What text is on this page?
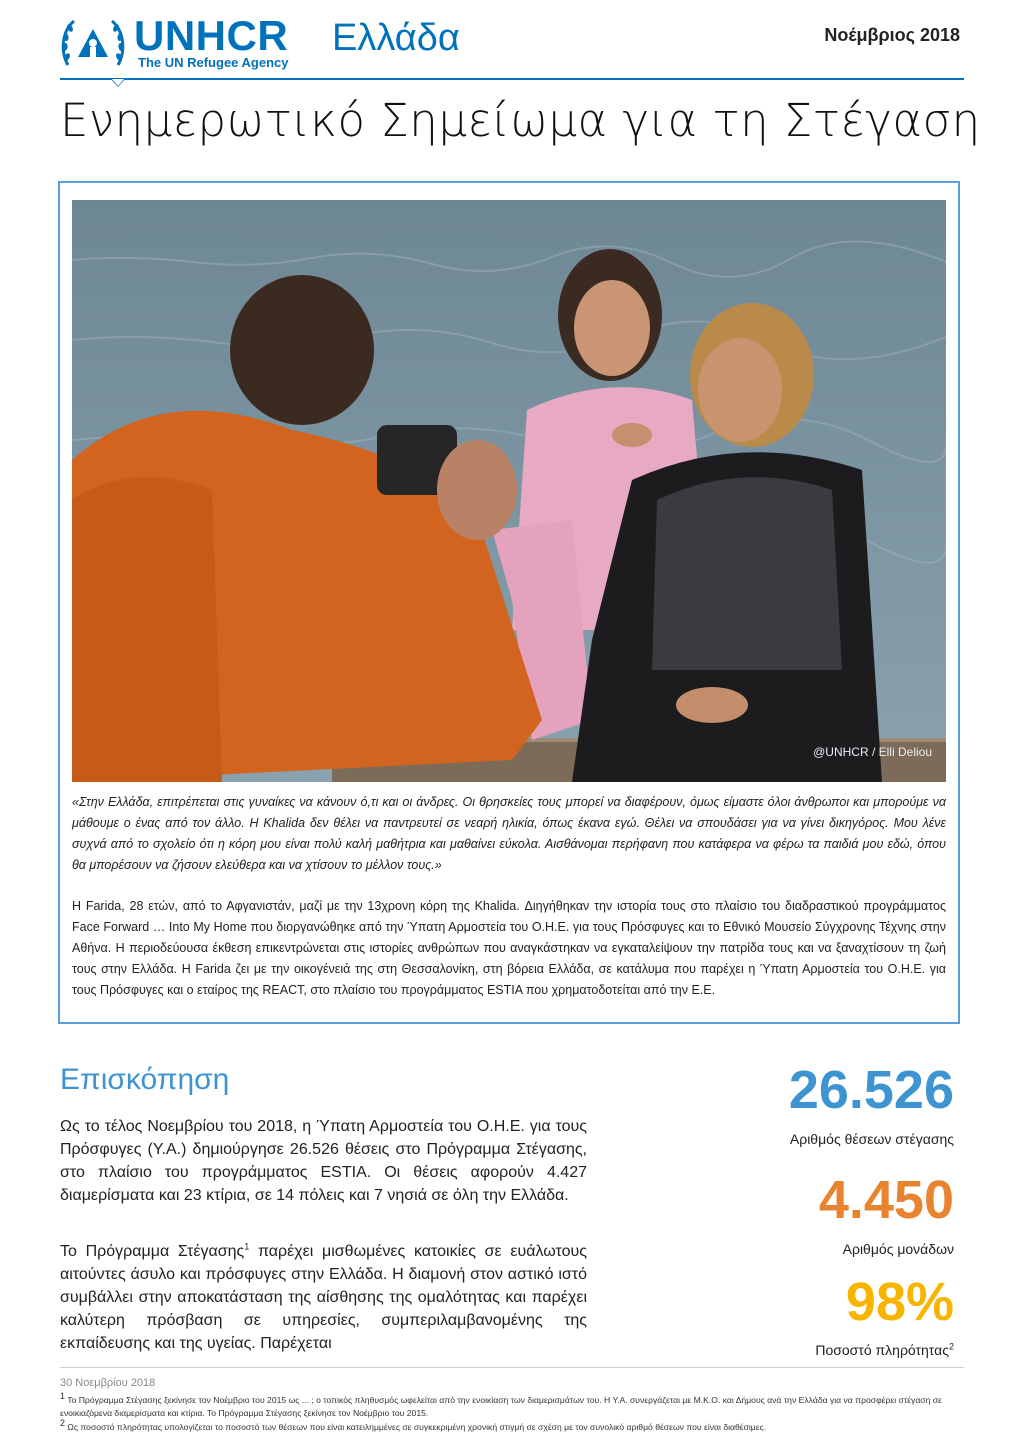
UNHCR
The UN Refugee Agency
Ελλάδα	Νοέμβριος 2018
Ενημερωτικό Σημείωμα για τη Στέγαση
@UNHCR / Elli Deliou
«Στην Ελλάδα, επιτρέπεται στις γυναίκες να κάνουν ό,τι και οι άνδρες. Οι θρησκείες τους μπορεί να διαφέρουν, όμως είμαστε όλοι άνθρωποι και μπορούμε να μάθουμε ο ένας από τον άλλο. Η Khalida δεν θέλει να παντρευτεί σε νεαρή ηλικία, όπως έκανα εγώ. Θέλει να σπουδάσει για να γίνει δικηγόρος. Μου λένε συχνά από το σχολείο ότι η κόρη μου είναι πολύ καλή μαθήτρια και μαθαίνει εύκολα. Αισθάνομαι περήφανη που κατάφερα να φέρω τα παιδιά μου εδώ, όπου θα μπορέσουν να ζήσουν ελεύθερα και να χτίσουν το μέλλον τους.»
Η Farida, 28 ετών, από το Αφγανιστάν, μαζί με την 13χρονη κόρη της Khalida. Διηγήθηκαν την ιστορία τους στο πλαίσιο του διαδραστικού προγράμματος Face Forward … Into My Home που διοργανώθηκε από την Ύπατη Αρμοστεία του Ο.Η.Ε. για τους Πρόσφυγες και το Εθνικό Μουσείο Σύγχρονης Τέχνης στην Αθήνα. Η περιοδεύουσα έκθεση επικεντρώνεται στις ιστορίες ανθρώπων που αναγκάστηκαν να εγκαταλείψουν την πατρίδα τους και να ξαναχτίσουν τη ζωή τους στην Ελλάδα. Η Farida ζει με την οικογένειά της στη Θεσσαλονίκη, στη βόρεια Ελλάδα, σε κατάλυμα που παρέχει η Ύπατη Αρμοστεία του Ο.Η.Ε. για τους Πρόσφυγες και ο εταίρος της REACT, στο πλαίσιο του προγράμματος ESTIA που χρηματοδοτείται από την Ε.Ε.
Επισκόπηση
Ως το τέλος Νοεμβρίου του 2018, η Ύπατη Αρμοστεία του Ο.Η.Ε. για τους Πρόσφυγες (Υ.Α.) δημιούργησε 26.526 θέσεις στο Πρόγραμμα Στέγασης, στο πλαίσιο του προγράμματος ESTIA. Οι θέσεις αφορούν 4.427 διαμερίσματα και 23 κτίρια, σε 14 πόλεις και 7 νησιά σε όλη την Ελλάδα.
Το Πρόγραμμα Στέγασης$^1$ παρέχει μισθωμένες κατοικίες σε ευάλωτους αιτούντες άσυλο και πρόσφυγες στην Ελλάδα. Η διαμονή στον αστικό ιστό συμβάλλει στην αποκατάσταση της αίσθησης της ομαλότητας και παρέχει καλύτερη πρόσβαση σε υπηρεσίες, συμπεριλαμβανομένης της εκπαίδευσης και της υγείας. Παρέχεται
26.526
Αριθμός θέσεων στέγασης
4.450
Αριθμός μονάδων
98%
Ποσοστό πληρότητας$^2$
30 Νοεμβρίου 2018
$^1$ Το Πρόγραμμα Στέγασης ξεκίνησε τον Νοέμβριο του 2015 ως ... ; ο τοπικός πληθυσμός ωφελείται από την ενοικίαση των διαμερισμάτων του. Η Υ.Α. συνεργάζεται με Μ.Κ.Ο. και Δήμους ανά την Ελλάδα για να προσφέρει στέγαση σε ενοικιαζόμενα διαμερίσματα και κτίρια. Το Πρόγραμμα Στέγασης ξεκίνησε τον Νοέμβριο του 2015.
$^2$ Ως ποσοστό πληρότητας υπολογίζεται το ποσοστό των θέσεων που είναι κατειλημμένες σε συγκεκριμένη χρονική στιγμή σε σχέση με τον συνολικό αριθμό θέσεων που είναι διαθέσιμες.
